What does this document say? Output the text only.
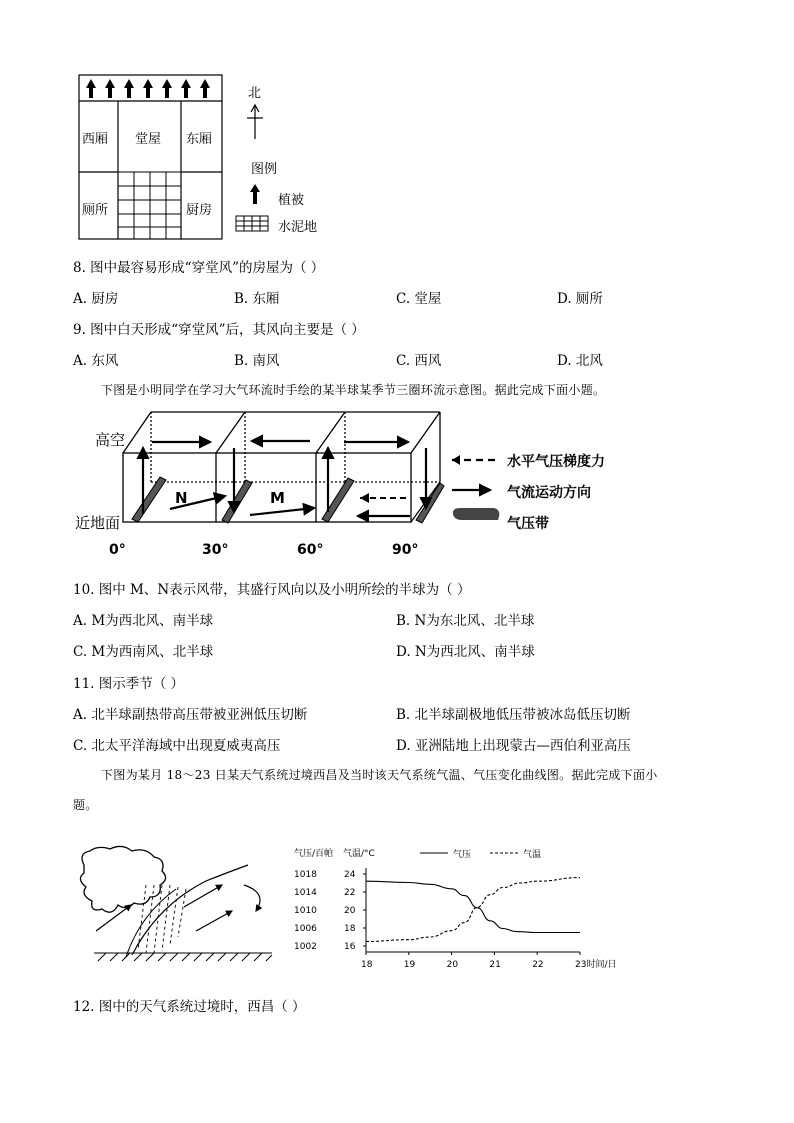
西厢 堂屋 东厢
厕所	厨房
北
图例
植被
水泥地
8. 图中最容易形成“穿堂风”的房屋为（ ）
A. 厨房	B. 东厢	C. 堂屋	D. 厕所
9. 图中白天形成“穿堂风”后，其风向主要是（ ）
A. 东风	B. 南风	C. 西风	D. 北风
下图是小明同学在学习大气环流时手绘的某半球某季节三圈环流示意图。据此完成下面小题。
高空
近地面
0°	30°	60°	90°
N	M
水平气压梯度力
气流运动方向
气压带
10. 图中 M、N表示风带，其盛行风向以及小明所绘的半球为（ ）
A. M为西北风、南半球	B. N为东北风、北半球
C. M为西南风、北半球	D. N为西北风、南半球
11. 图示季节（ ）
A. 北半球副热带高压带被亚洲低压切断	B. 北半球副极地低压带被冰岛低压切断
C. 北太平洋海域中出现夏威夷高压	D. 亚洲陆地上出现蒙古—西伯利亚高压
下图为某月 18～23 日某天气系统过境西昌及当时该天气系统气温、气压变化曲线图。据此完成下面小
题。
气压/百帕 气温/°C	气压	气温
18	19	20	21	22	23时间/日
1018
1014
1010
1006
1002
24
22
20
18
16
12. 图中的天气系统过境时，西昌（ ）
